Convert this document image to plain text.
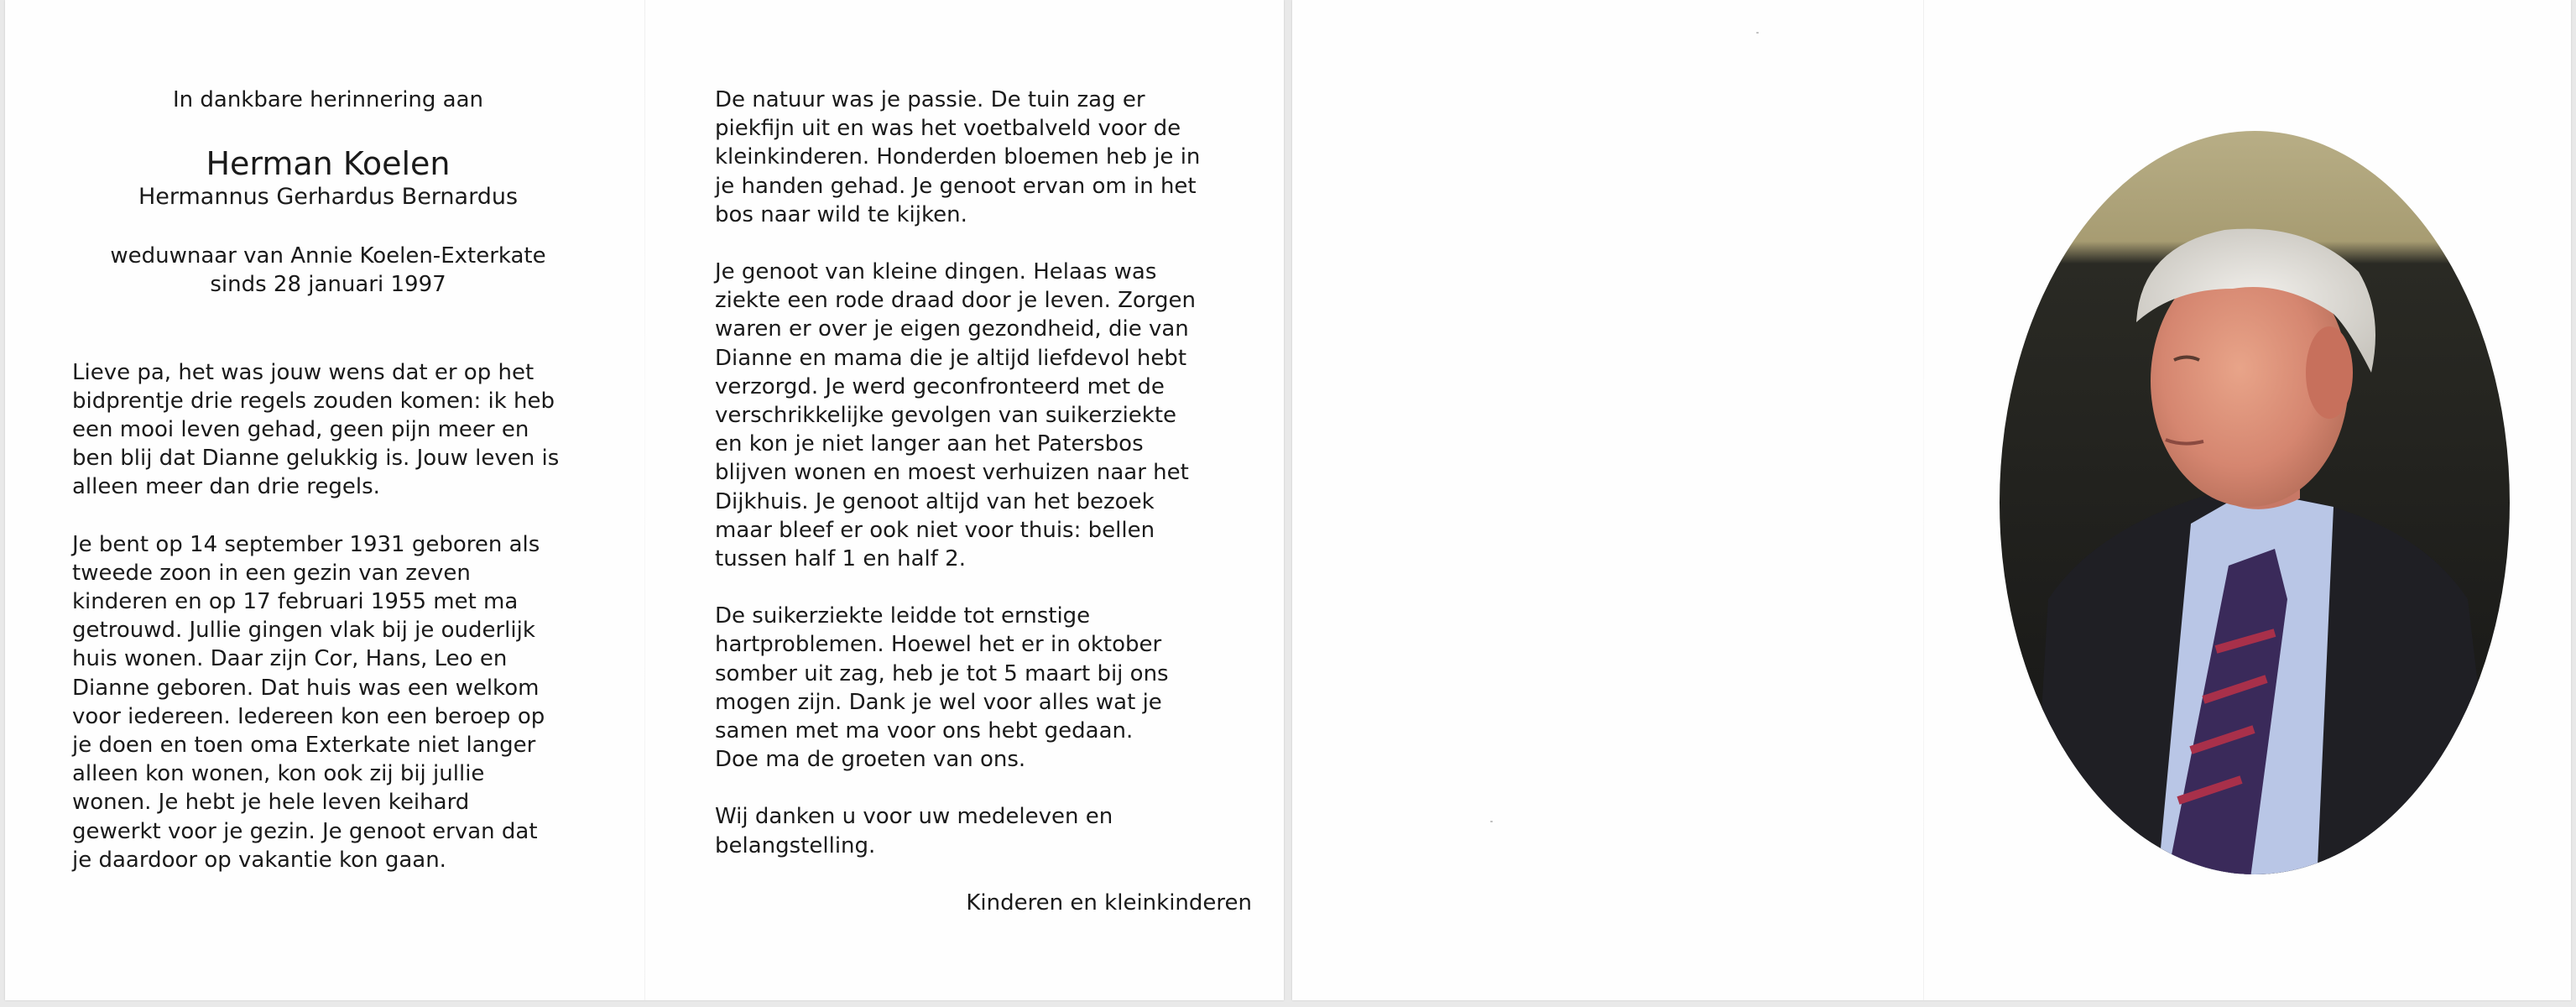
In dankbare herinnering aan

Herman Koelen

Hermannus Gerhardus Bernardus

weduwnaar van Annie Koelen-Exterkate
sinds 28 januari 1997

Lieve pa, het was jouw wens dat er op het
bidprentje drie regels zouden komen: ik heb
een mooi leven gehad, geen pijn meer en
ben blij dat Dianne gelukkig is. Jouw leven is
alleen meer dan drie regels.

Je bent op 14 september 1931 geboren als
tweede zoon in een gezin van zeven
kinderen en op 17 februari 1955 met ma
getrouwd. Jullie gingen vlak bij je ouderlijk
huis wonen. Daar zijn Cor, Hans, Leo en
Dianne geboren. Dat huis was een welkom
voor iedereen. Iedereen kon een beroep op
je doen en toen oma Exterkate niet langer
alleen kon wonen, kon ook zij bij jullie
wonen. Je hebt je hele leven keihard
gewerkt voor je gezin. Je genoot ervan dat
je daardoor op vakantie kon gaan.

De natuur was je passie. De tuin zag er
piekfijn uit en was het voetbalveld voor de
kleinkinderen. Honderden bloemen heb je in
je handen gehad. Je genoot ervan om in het
bos naar wild te kijken.

Je genoot van kleine dingen. Helaas was
ziekte een rode draad door je leven. Zorgen
waren er over je eigen gezondheid, die van
Dianne en mama die je altijd liefdevol hebt
verzorgd. Je werd geconfronteerd met de
verschrikkelijke gevolgen van suikerziekte
en kon je niet langer aan het Patersbos
blijven wonen en moest verhuizen naar het
Dijkhuis. Je genoot altijd van het bezoek
maar bleef er ook niet voor thuis: bellen
tussen half 1 en half 2.

De suikerziekte leidde tot ernstige
hartproblemen. Hoewel het er in oktober
somber uit zag, heb je tot 5 maart bij ons
mogen zijn. Dank je wel voor alles wat je
samen met ma voor ons hebt gedaan.
Doe ma de groeten van ons.

Wij danken u voor uw medeleven en
belangstelling.

Kinderen en kleinkinderen
